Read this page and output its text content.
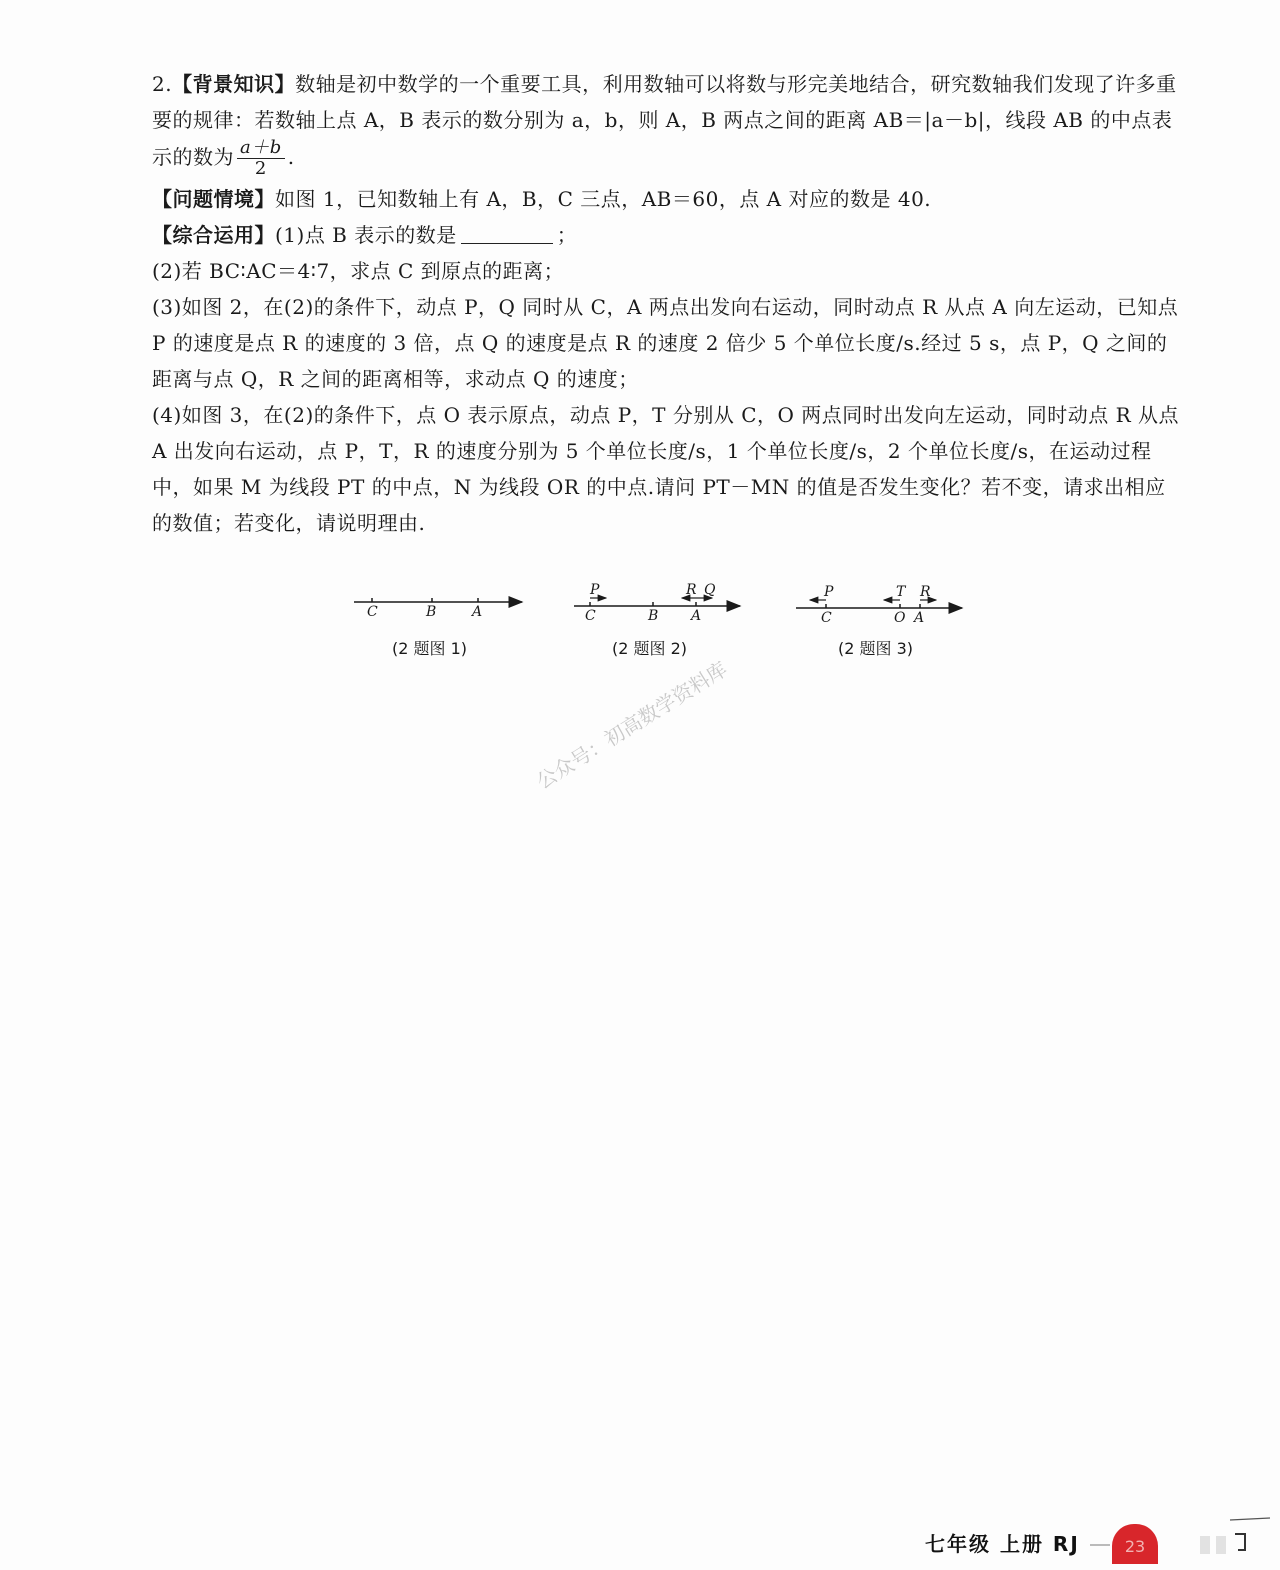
2.【背景知识】数轴是初中数学的一个重要工具，利用数轴可以将数与形完美地结合，研究数轴我们发现了许多重要的规律：若数轴上点 A，B 表示的数分别为 a，b，则 A，B 两点之间的距离 AB＝|a－b|，线段 AB 的中点表示的数为 $\frac{a+b}{2}$ .

【问题情境】如图 1，已知数轴上有 A，B，C 三点，AB＝60，点 A 对应的数是 40.

【综合运用】(1)点 B 表示的数是	；

(2)若 BC∶AC＝4∶7，求点 C 到原点的距离；

(3)如图 2，在(2)的条件下，动点 P，Q 同时从 C，A 两点出发向右运动，同时动点 R 从点 A 向左运动，已知点 P 的速度是点 R 的速度的 3 倍，点 Q 的速度是点 R 的速度 2 倍少 5 个单位长度/s.经过 5 s，点 P，Q 之间的距离与点 Q，R 之间的距离相等，求动点 Q 的速度；

(4)如图 3，在(2)的条件下，点 O 表示原点，动点 P，T 分别从 C，O 两点同时出发向左运动，同时动点 R 从点 A 出发向右运动，点 P，T，R 的速度分别为 5 个单位长度/s，1 个单位长度/s，2 个单位长度/s，在运动过程中，如果 M 为线段 PT 的中点，N 为线段 OR 的中点.请问 PT－MN 的值是否发生变化？若不变，请求出相应的数值；若变化，请说明理由.

C	B	A
P
C	B
R Q
A
P
C
T
O
R
A
(2 题图 1)	(2 题图 2)	(2 题图 3)
公众号：初高数学资料库
七年级 上册 RJ	23
